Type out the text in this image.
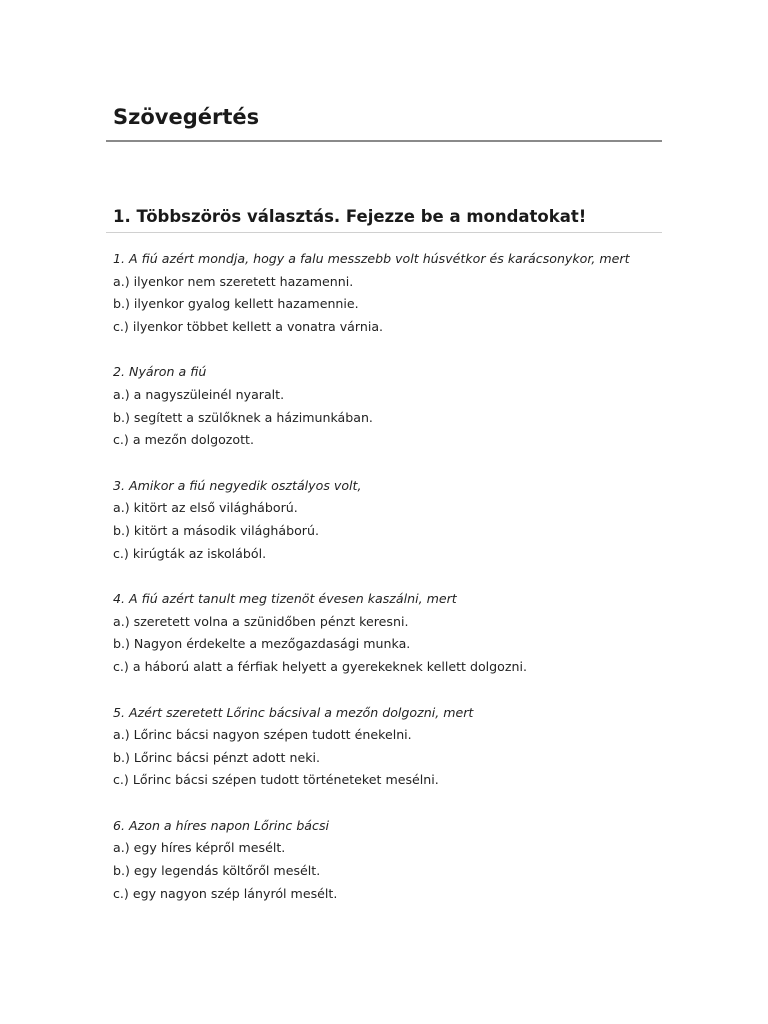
Szövegértés
1. Többszörös választás. Fejezze be a mondatokat!
1. A fiú azért mondja, hogy a falu messzebb volt húsvétkor és karácsonykor, mert
a.) ilyenkor nem szeretett hazamenni.
b.) ilyenkor gyalog kellett hazamennie.
c.) ilyenkor többet kellett a vonatra várnia.
2. Nyáron a fiú
a.) a nagyszüleinél nyaralt.
b.) segített a szülőknek a házimunkában.
c.) a mezőn dolgozott.
3. Amikor a fiú negyedik osztályos volt,
a.) kitört az első világháború.
b.) kitört a második világháború.
c.) kirúgták az iskolából.
4. A fiú azért tanult meg tizenöt évesen kaszálni, mert
a.) szeretett volna a szünidőben pénzt keresni.
b.) Nagyon érdekelte a mezőgazdasági munka.
c.) a háború alatt a férfiak helyett a gyerekeknek kellett dolgozni.
5. Azért szeretett Lőrinc bácsival a mezőn dolgozni, mert
a.) Lőrinc bácsi nagyon szépen tudott énekelni.
b.) Lőrinc bácsi pénzt adott neki.
c.) Lőrinc bácsi szépen tudott történeteket mesélni.
6. Azon a híres napon Lőrinc bácsi
a.) egy híres képről mesélt.
b.) egy legendás költőről mesélt.
c.) egy nagyon szép lányról mesélt.
